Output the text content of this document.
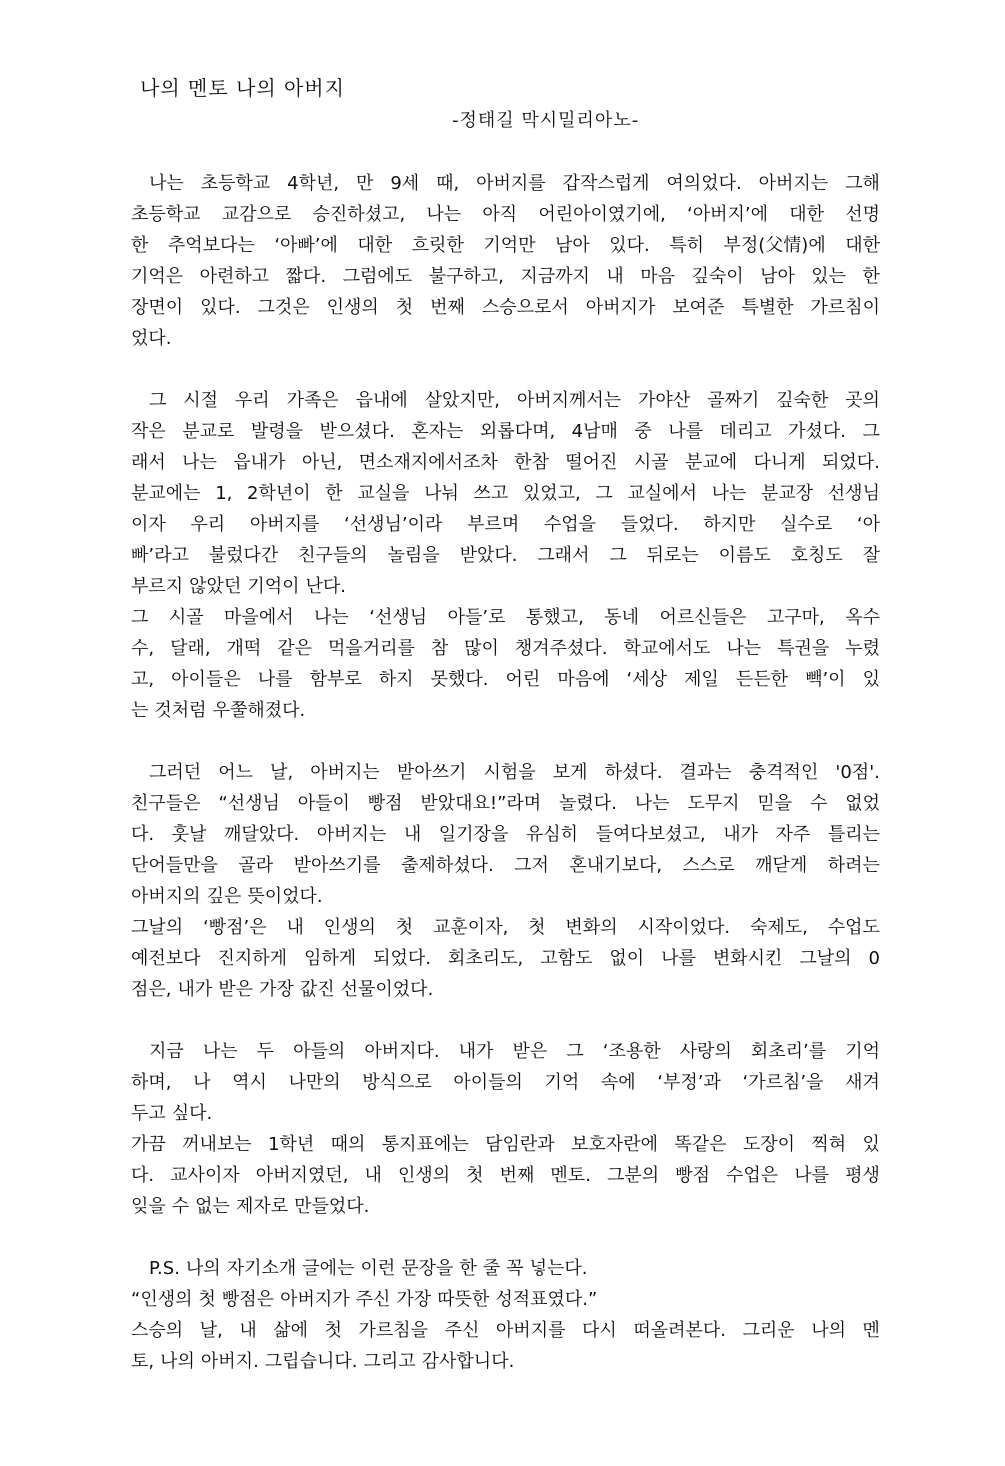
나의 멘토 나의 아버지
-정태길 막시밀리아노-
나는 초등학교 4학년, 만 9세 때, 아버지를 갑작스럽게 여의었다. 아버지는 그해
초등학교 교감으로 승진하셨고, 나는 아직 어린아이였기에, ‘아버지’에 대한 선명
한 추억보다는 ‘아빠’에 대한 흐릿한 기억만 남아 있다. 특히 부정(父情)에 대한
기억은 아련하고 짧다. 그럼에도 불구하고, 지금까지 내 마음 깊숙이 남아 있는 한
장면이 있다. 그것은 인생의 첫 번째 스승으로서 아버지가 보여준 특별한 가르침이
었다.
그 시절 우리 가족은 읍내에 살았지만, 아버지께서는 가야산 골짜기 깊숙한 곳의
작은 분교로 발령을 받으셨다. 혼자는 외롭다며, 4남매 중 나를 데리고 가셨다. 그
래서 나는 읍내가 아닌, 면소재지에서조차 한참 떨어진 시골 분교에 다니게 되었다.
분교에는 1, 2학년이 한 교실을 나눠 쓰고 있었고, 그 교실에서 나는 분교장 선생님
이자 우리 아버지를 ‘선생님’이라 부르며 수업을 들었다. 하지만 실수로 ‘아
빠’라고 불렀다간 친구들의 놀림을 받았다. 그래서 그 뒤로는 이름도 호칭도 잘
부르지 않았던 기억이 난다.
그 시골 마을에서 나는 ‘선생님 아들’로 통했고, 동네 어르신들은 고구마, 옥수
수, 달래, 개떡 같은 먹을거리를 참 많이 챙겨주셨다. 학교에서도 나는 특권을 누렸
고, 아이들은 나를 함부로 하지 못했다. 어린 마음에 ‘세상 제일 든든한 빽’이 있
는 것처럼 우쭐해졌다.
그러던 어느 날, 아버지는 받아쓰기 시험을 보게 하셨다. 결과는 충격적인 '0점'.
친구들은 “선생님 아들이 빵점 받았대요!”라며 놀렸다. 나는 도무지 믿을 수 없었
다. 훗날 깨달았다. 아버지는 내 일기장을 유심히 들여다보셨고, 내가 자주 틀리는
단어들만을 골라 받아쓰기를 출제하셨다. 그저 혼내기보다, 스스로 깨닫게 하려는
아버지의 깊은 뜻이었다.
그날의 ‘빵점’은 내 인생의 첫 교훈이자, 첫 변화의 시작이었다. 숙제도, 수업도
예전보다 진지하게 임하게 되었다. 회초리도, 고함도 없이 나를 변화시킨 그날의 0
점은, 내가 받은 가장 값진 선물이었다.
지금 나는 두 아들의 아버지다. 내가 받은 그 ‘조용한 사랑의 회초리’를 기억
하며, 나 역시 나만의 방식으로 아이들의 기억 속에 ‘부정’과 ‘가르침’을 새겨
두고 싶다.
가끔 꺼내보는 1학년 때의 통지표에는 담임란과 보호자란에 똑같은 도장이 찍혀 있
다. 교사이자 아버지였던, 내 인생의 첫 번째 멘토. 그분의 빵점 수업은 나를 평생
잊을 수 없는 제자로 만들었다.
P.S. 나의 자기소개 글에는 이런 문장을 한 줄 꼭 넣는다.
“인생의 첫 빵점은 아버지가 주신 가장 따뜻한 성적표였다.”
스승의 날, 내 삶에 첫 가르침을 주신 아버지를 다시 떠올려본다. 그리운 나의 멘
토, 나의 아버지. 그립습니다. 그리고 감사합니다.
